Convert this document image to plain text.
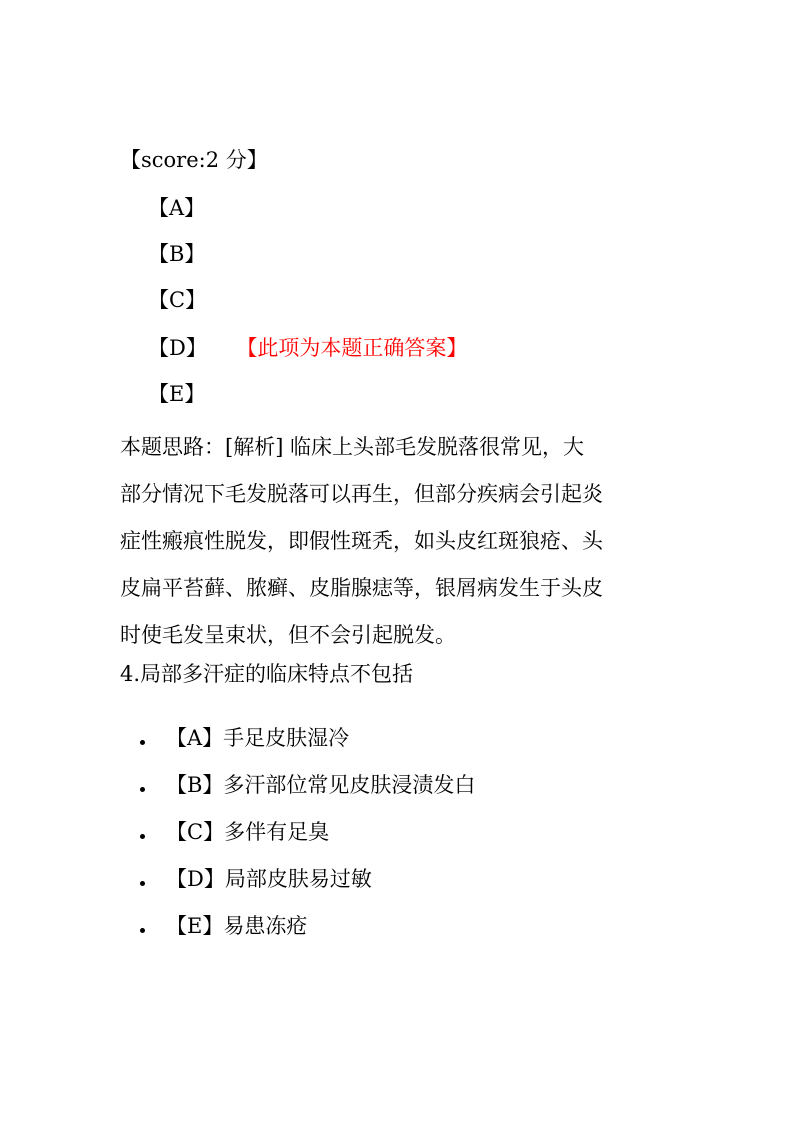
【score:2 分】
【A】
【B】
【C】
【D】 【此项为本题正确答案】
【E】

本题思路：[解析] 临床上头部毛发脱落很常见，大

部分情况下毛发脱落可以再生，但部分疾病会引起炎

症性瘢痕性脱发，即假性斑秃，如头皮红斑狼疮、头

皮扁平苔藓、脓癣、皮脂腺痣等，银屑病发生于头皮

时使毛发呈束状，但不会引起脱发。

4.局部多汗症的临床特点不包括
【A】手足皮肤湿冷
【B】多汗部位常见皮肤浸渍发白
【C】多伴有足臭
【D】局部皮肤易过敏
【E】易患冻疮
